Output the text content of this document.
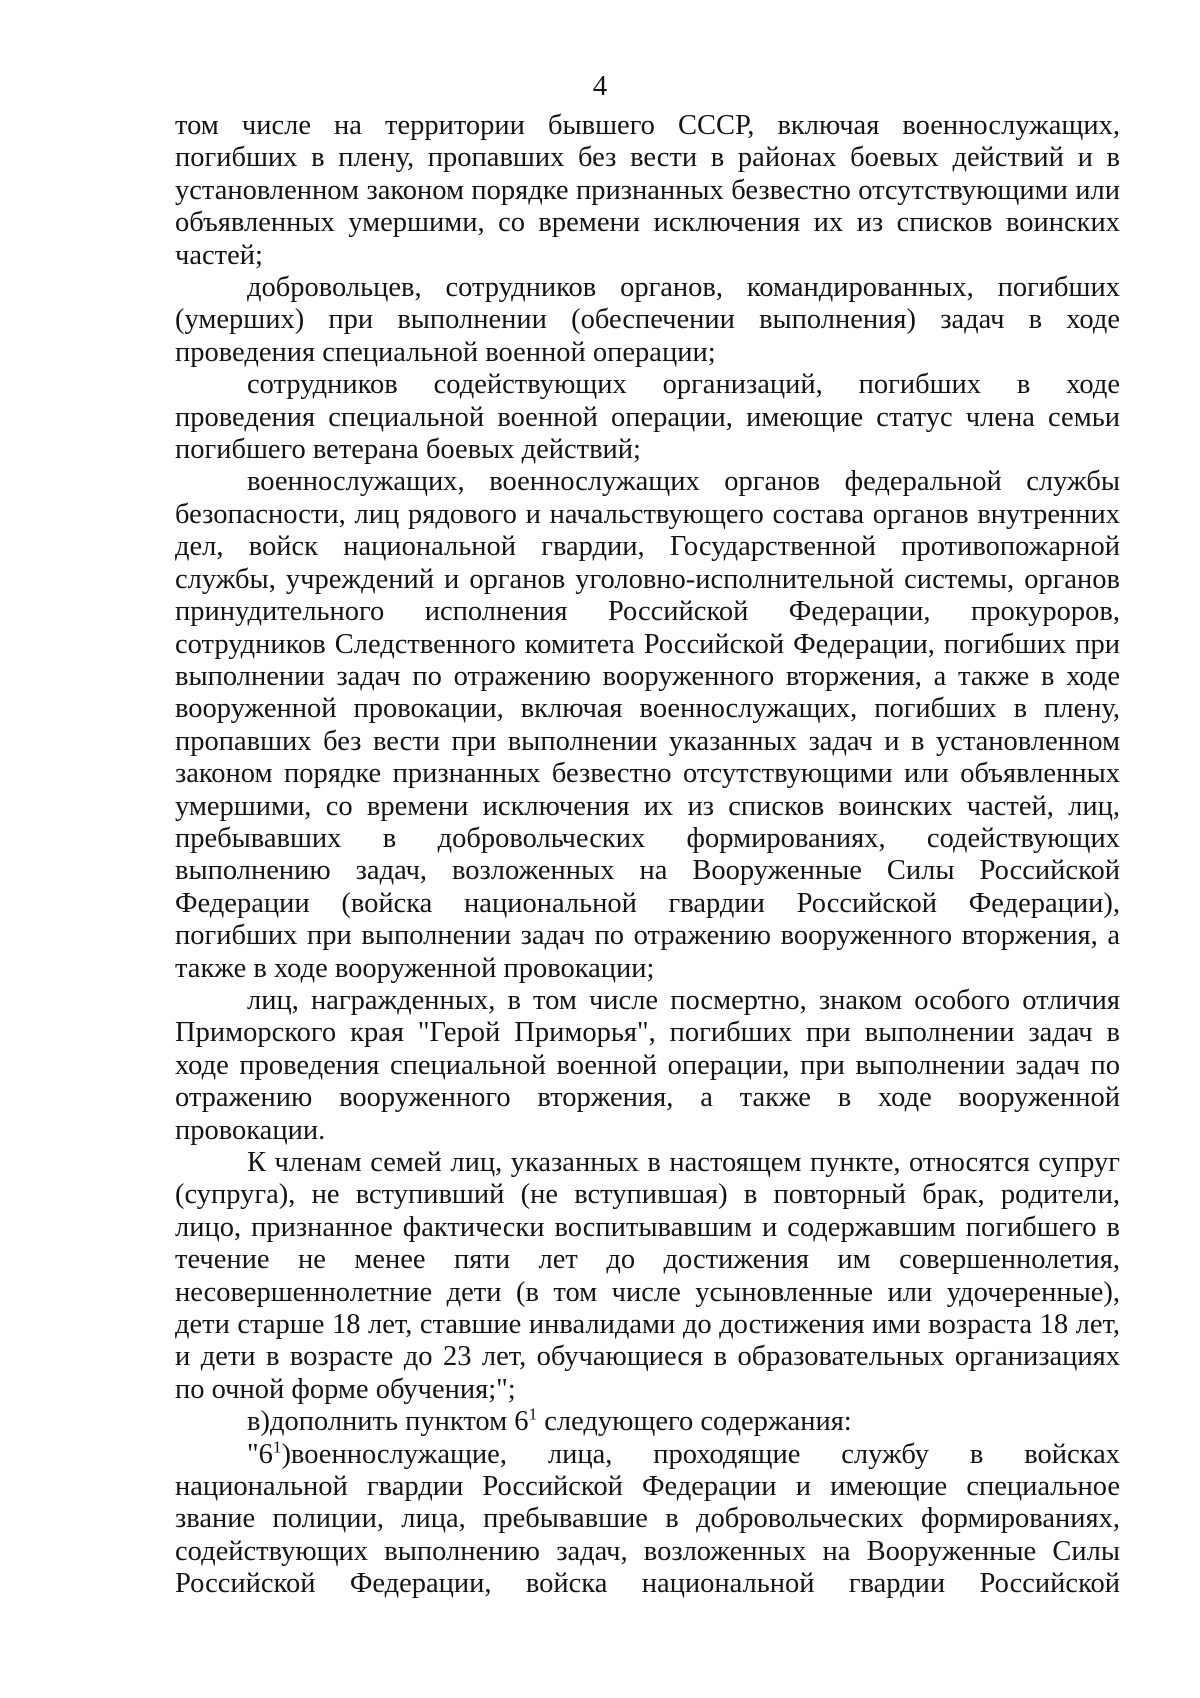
4

том числе на территории бывшего СССР, включая военнослужащих, погибших в плену, пропавших без вести в районах боевых действий и в установленном законом порядке признанных безвестно отсутствующими или объявленных умершими, со времени исключения их из списков воинских частей;

добровольцев, сотрудников органов, командированных, погибших (умерших) при выполнении (обеспечении выполнения) задач в ходе проведения специальной военной операции;

сотрудников содействующих организаций, погибших в ходе проведения специальной военной операции, имеющие статус члена семьи погибшего ветерана боевых действий;

военнослужащих, военнослужащих органов федеральной службы безопасности, лиц рядового и начальствующего состава органов внутренних дел, войск национальной гвардии, Государственной противопожарной службы, учреждений и органов уголовно-исполнительной системы, органов принудительного исполнения Российской Федерации, прокуроров, сотрудников Следственного комитета Российской Федерации, погибших при выполнении задач по отражению вооруженного вторжения, а также в ходе вооруженной провокации, включая военнослужащих, погибших в плену, пропавших без вести при выполнении указанных задач и в установленном законом порядке признанных безвестно отсутствующими или объявленных умершими, со времени исключения их из списков воинских частей, лиц, пребывавших в добровольческих формированиях, содействующих выполнению задач, возложенных на Вооруженные Силы Российской Федерации (войска национальной гвардии Российской Федерации), погибших при выполнении задач по отражению вооруженного вторжения, а также в ходе вооруженной провокации;

лиц, награжденных, в том числе посмертно, знаком особого отличия Приморского края "Герой Приморья", погибших при выполнении задач в ходе проведения специальной военной операции, при выполнении задач по отражению вооруженного вторжения, а также в ходе вооруженной провокации.

К членам семей лиц, указанных в настоящем пункте, относятся супруг (супруга), не вступивший (не вступившая) в повторный брак, родители, лицо, признанное фактически воспитывавшим и содержавшим погибшего в течение не менее пяти лет до достижения им совершеннолетия, несовершеннолетние дети (в том числе усыновленные или удочеренные), дети старше 18 лет, ставшие инвалидами до достижения ими возраста 18 лет, и дети в возрасте до 23 лет, обучающиеся в образовательных организациях по очной форме обучения;";

в)дополнить пунктом $6^1$ следующего содержания:

"$6^1)военнослужащие$, лица, проходящие службу в войсках национальной гвардии Российской Федерации и имеющие специальное звание полиции, лица, пребывавшие в добровольческих формированиях, содействующих выполнению задач, возложенных на Вооруженные Силы Российской Федерации, войска национальной гвардии Российской
